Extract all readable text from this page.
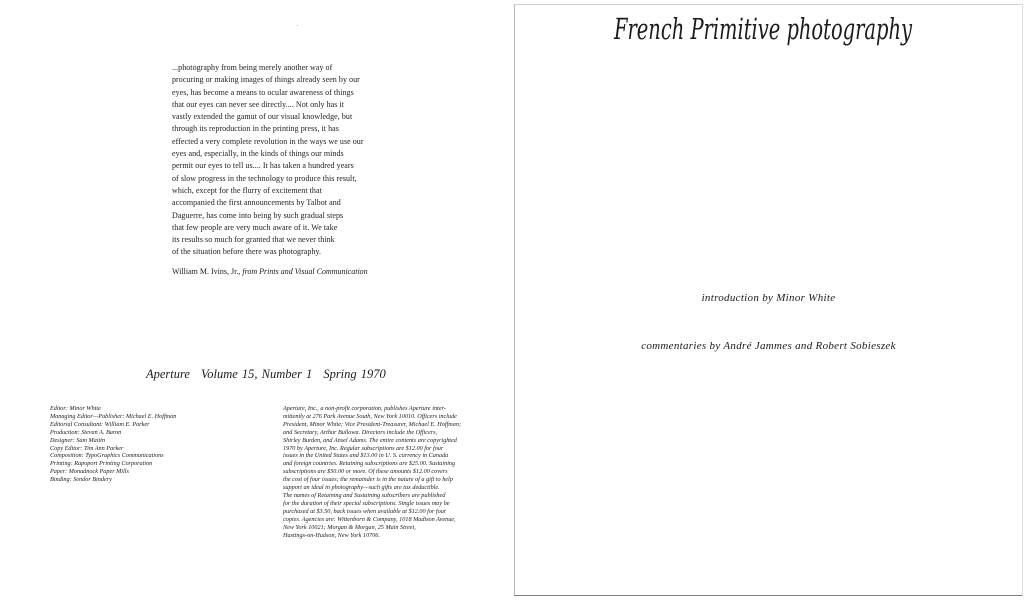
...photography from being merely another way of
procuring or making images of things already seen by our
eyes, has become a means to ocular awareness of things
that our eyes can never see directly.... Not only has it
vastly extended the gamut of our visual knowledge, but
through its reproduction in the printing press, it has
effected a very complete revolution in the ways we use our
eyes and, especially, in the kinds of things our minds
permit our eyes to tell us.... It has taken a hundred years
of slow progress in the technology to produce this result,
which, except for the flurry of excitement that
accompanied the first announcements by Talbot and
Daguerre, has come into being by such gradual steps
that few people are very much aware of it. We take
its results so much for granted that we never think
of the situation before there was photography.
William M. Ivins, Jr., from Prints and Visual Communication
Aperture Volume 15, Number 1 Spring 1970
Editor: Minor White
Managing Editor—Publisher: Michael E. Hoffman
Editorial Consultant: William E. Parker
Production: Stevan A. Baron
Designer: Sam Maitin
Copy Editor: Tim Ann Parker
Composition: TypoGraphics Communications
Printing: Rapoport Printing Corporation
Paper: Monadnock Paper Mills
Binding: Sendor Bindery
Aperture, Inc., a non-profit corporation, publishes Aperture inter-
mittently at 276 Park Avenue South, New York 10010. Officers include
President, Minor White; Vice President-Treasurer, Michael E. Hoffman;
and Secretary, Arthur Bullowa. Directors include the Officers,
Shirley Burden, and Ansel Adams. The entire contents are copyrighted
1970 by Aperture, Inc. Regular subscriptions are $12.00 for four
issues in the United States and $13.00 in U. S. currency in Canada
and foreign countries. Retaining subscriptions are $25.00. Sustaining
subscriptions are $50.00 or more. Of these amounts $12.00 covers
the cost of four issues; the remainder is in the nature of a gift to help
support an ideal in photography—such gifts are tax deductible.
The names of Retaining and Sustaining subscribers are published
for the duration of their special subscriptions. Single issues may be
purchased at $3.50, back issues when available at $12.00 for four
copies. Agencies are: Wittenborn & Company, 1018 Madison Avenue,
New York 10021; Morgan & Morgan, 25 Main Street,
Hastings-on-Hudson, New York 10706.
French Primitive photography
introduction by Minor White
commentaries by André Jammes and Robert Sobieszek
